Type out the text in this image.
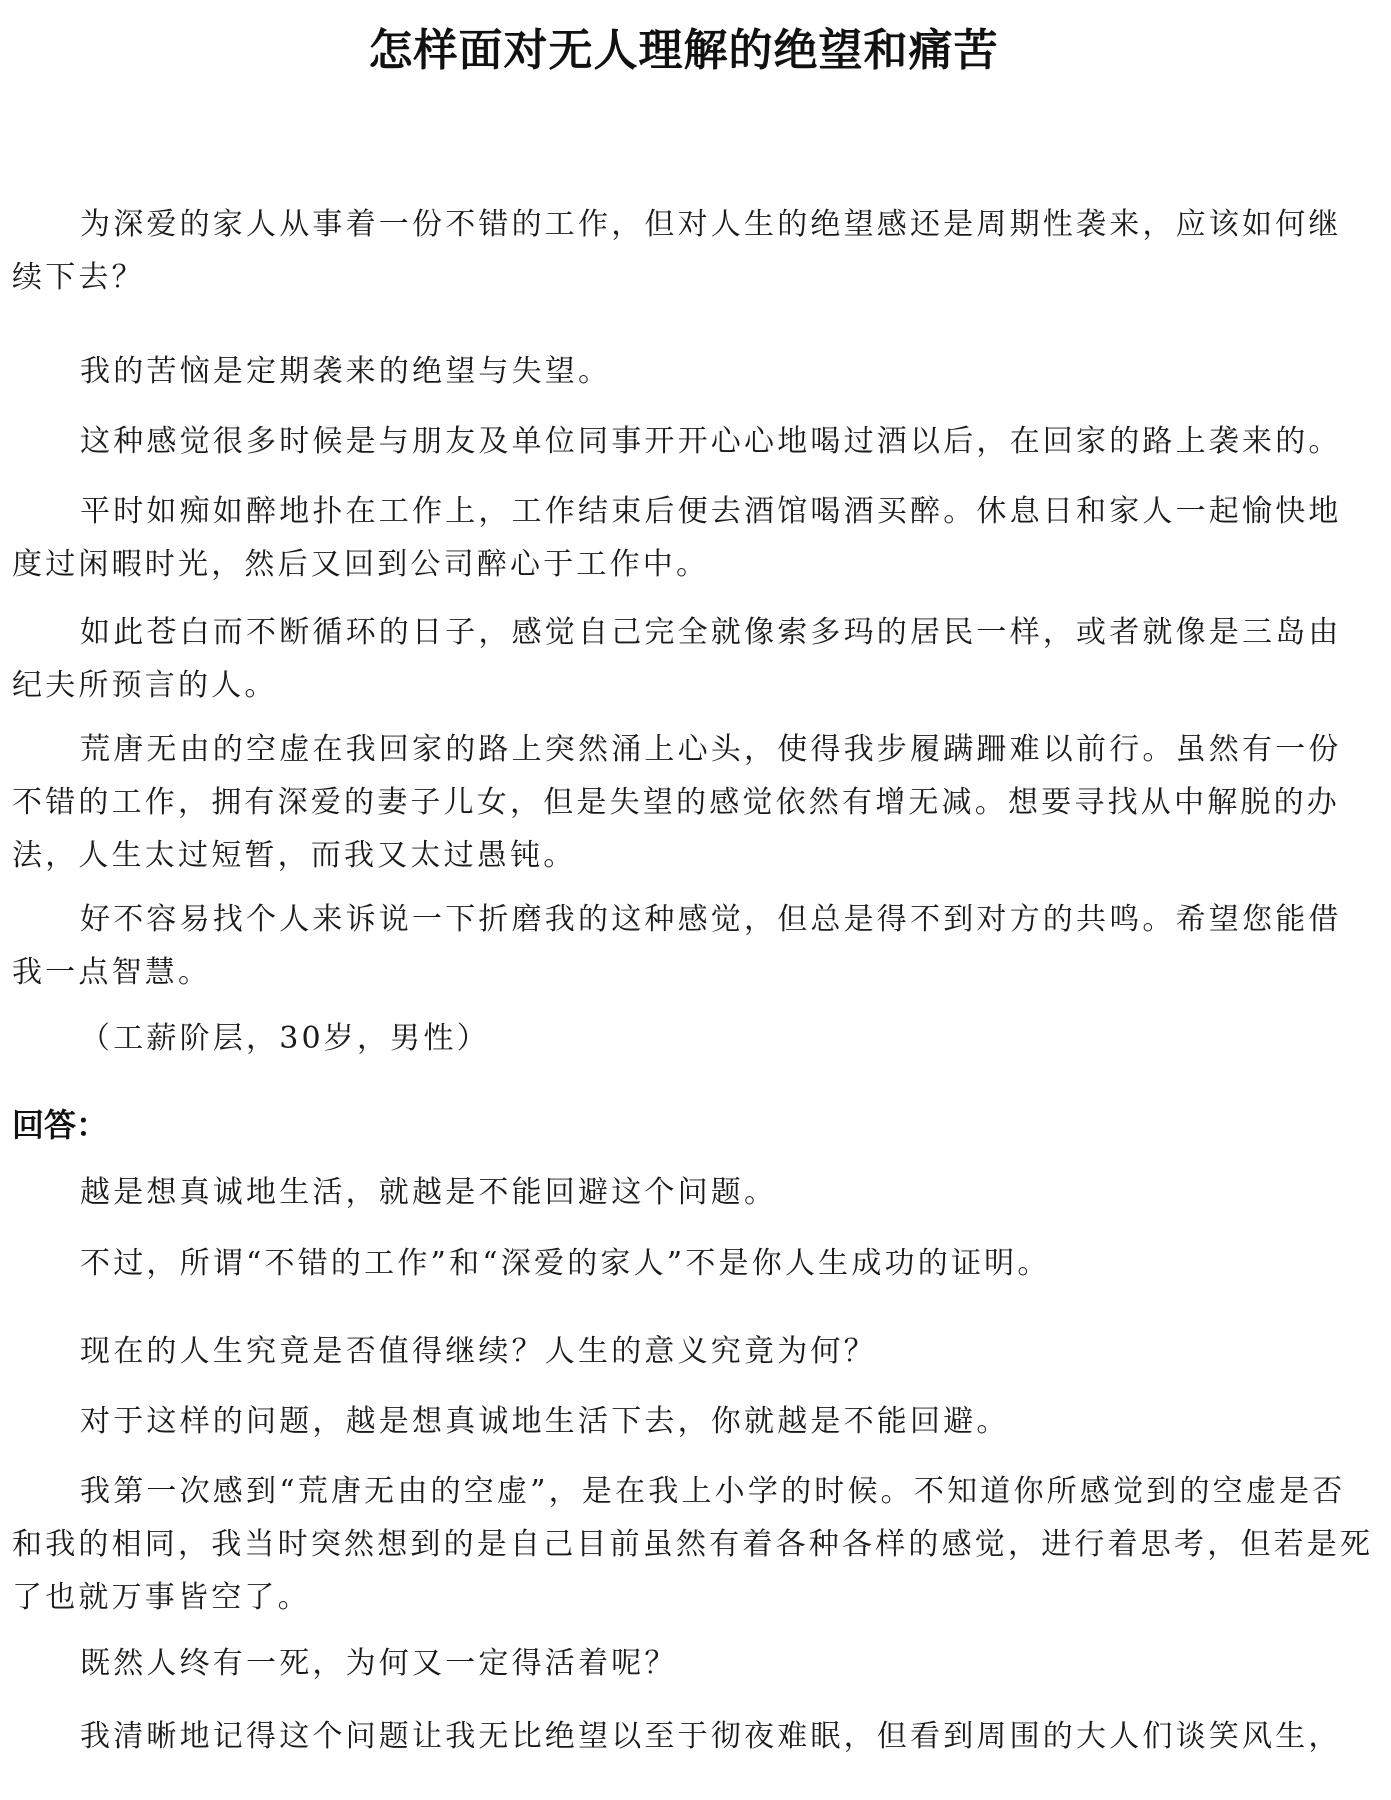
怎样面对无人理解的绝望和痛苦

为深爱的家人从事着一份不错的工作，但对人生的绝望感还是周期性袭来，应该如何继续下去？

我的苦恼是定期袭来的绝望与失望。

这种感觉很多时候是与朋友及单位同事开开心心地喝过酒以后，在回家的路上袭来的。

平时如痴如醉地扑在工作上，工作结束后便去酒馆喝酒买醉。休息日和家人一起愉快地度过闲暇时光，然后又回到公司醉心于工作中。

如此苍白而不断循环的日子，感觉自己完全就像索多玛的居民一样，或者就像是三岛由纪夫所预言的人。

荒唐无由的空虚在我回家的路上突然涌上心头，使得我步履蹒跚难以前行。虽然有一份不错的工作，拥有深爱的妻子儿女，但是失望的感觉依然有增无减。想要寻找从中解脱的办法，人生太过短暂，而我又太过愚钝。

好不容易找个人来诉说一下折磨我的这种感觉，但总是得不到对方的共鸣。希望您能借我一点智慧。

（工薪阶层，30岁，男性）

回答：

越是想真诚地生活，就越是不能回避这个问题。

不过，所谓“不错的工作”和“深爱的家人”不是你人生成功的证明。

现在的人生究竟是否值得继续？人生的意义究竟为何？

对于这样的问题，越是想真诚地生活下去，你就越是不能回避。

我第一次感到“荒唐无由的空虚”，是在我上小学的时候。不知道你所感觉到的空虚是否和我的相同，我当时突然想到的是自己目前虽然有着各种各样的感觉，进行着思考，但若是死了也就万事皆空了。

既然人终有一死，为何又一定得活着呢？

我清晰地记得这个问题让我无比绝望以至于彻夜难眠，但看到周围的大人们谈笑风生，
